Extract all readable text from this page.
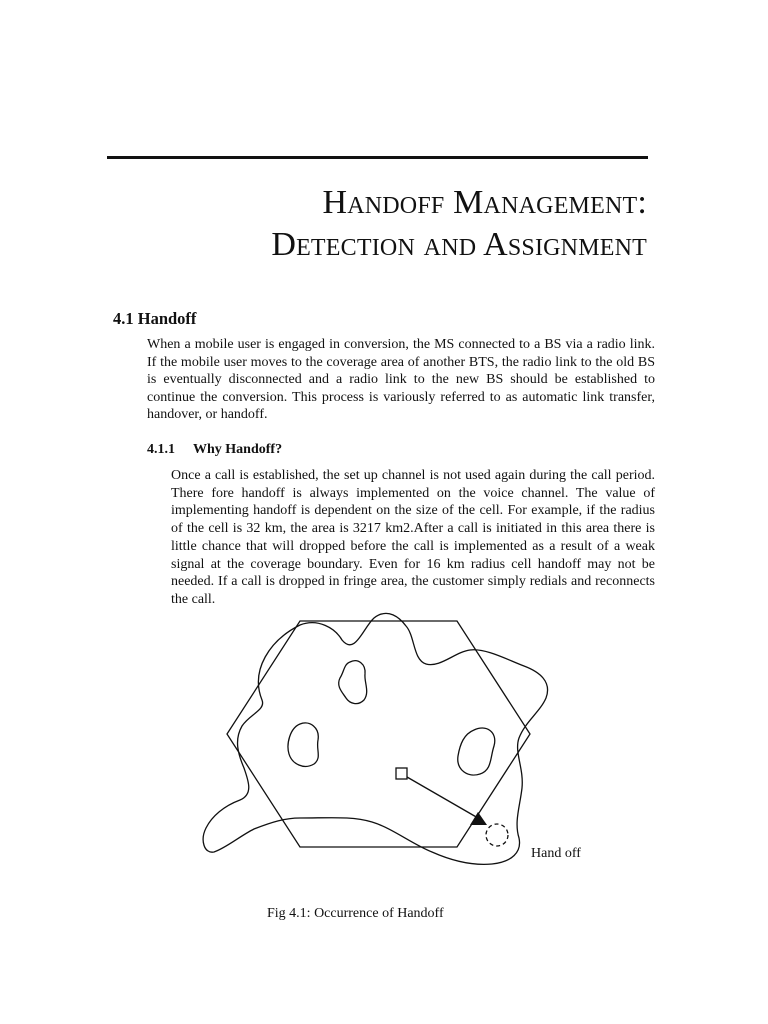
Handoff Management:
Detection and Assignment
4.1 Handoff

When a mobile user is engaged in conversion, the MS connected to a BS via a radio link. If the mobile user moves to the coverage area of another BTS, the radio link to the old BS is eventually disconnected and a radio link to the new BS should be established to continue the conversion. This process is variously referred to as automatic link transfer, handover, or handoff.

4.1.1 Why Handoff?

Once a call is established, the set up channel is not used again during the call period. There fore handoff is always implemented on the voice channel. The value of implementing handoff is dependent on the size of the cell. For example, if the radius of the cell is 32 km, the area is 3217 km2.After a call is initiated in this area there is little chance that will dropped before the call is implemented as a result of a weak signal at the coverage boundary. Even for 16 km radius cell handoff may not be needed. If a call is dropped in fringe area, the customer simply redials and reconnects the call.

Hand off
Fig 4.1: Occurrence of Handoff
